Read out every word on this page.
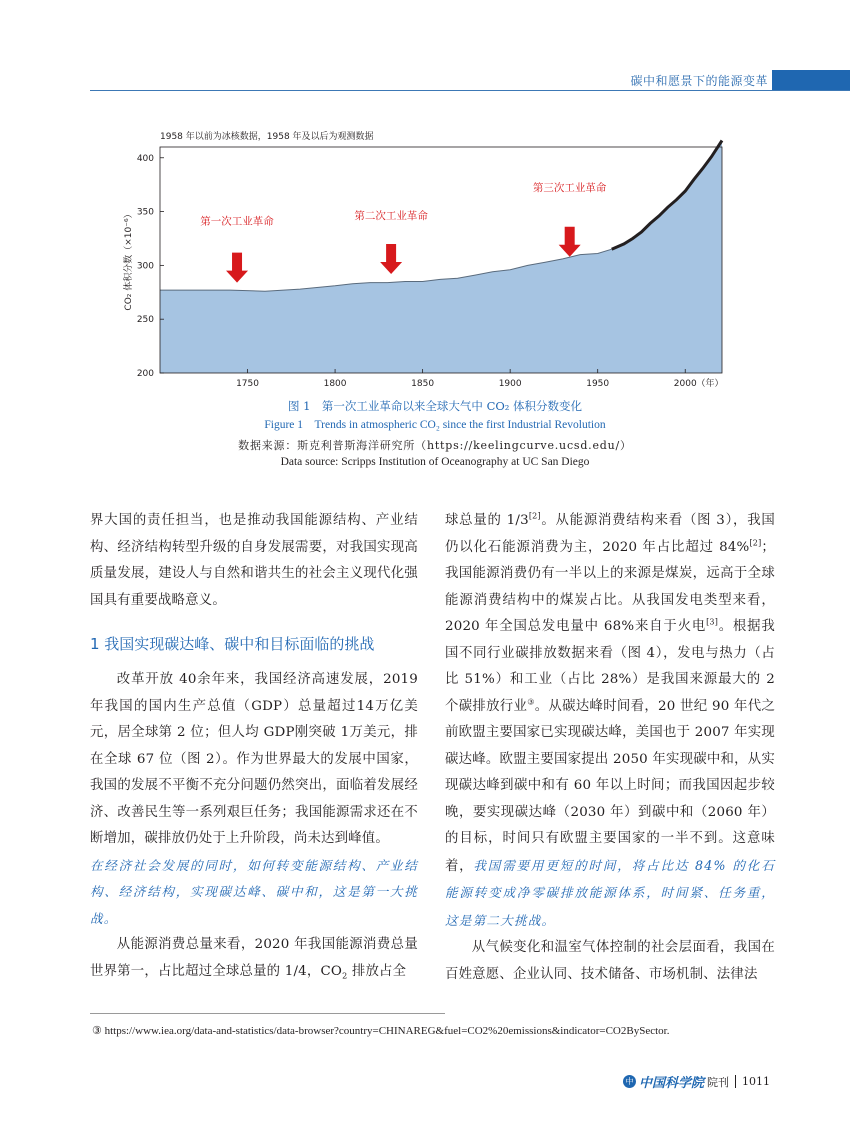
碳中和愿景下的能源变革
200
250
300
350
400
1750	1800	1850	1900	1950	2000 （年）
1958 年以前为冰核数据，1958 年及以后为观测数据
CO₂ 体积分数（×10⁻⁶）	第一次工业革命	第二次工业革命
第三次工业革命
图 1　第一次工业革命以来全球大气中 CO₂ 体积分数变化
Figure 1　Trends in atmospheric CO₂ since the first Industrial Revolution
数据来源：斯克利普斯海洋研究所（https://keelingcurve.ucsd.edu/）
Data source: Scripps Institution of Oceanography at UC San Diego

界大国的责任担当，也是推动我国能源结构、产业结构、经济结构转型升级的自身发展需要，对我国实现高质量发展，建设人与自然和谐共生的社会主义现代化强国具有重要战略意义。

1 我国实现碳达峰、碳中和目标面临的挑战

改革开放 40余年来，我国经济高速发展，2019 年我国的国内生产总值（GDP）总量超过14万亿美元，居全球第 2 位；但人均 GDP刚突破 1万美元，排在全球 67 位（图 2）。作为世界最大的发展中国家，我国的发展不平衡不充分问题仍然突出，面临着发展经济、改善民生等一系列艰巨任务；我国能源需求还在不断增加，碳排放仍处于上升阶段，尚未达到峰值。

在经济社会发展的同时，如何转变能源结构、产业结构、经济结构，实现碳达峰、碳中和，这是第一大挑战。

从能源消费总量来看，2020 年我国能源消费总量世界第一，占比超过全球总量的 1/4，$CO_2$ 排放占全

球总量的 1/3[2]。从能源消费结构来看（图 3），我国仍以化石能源消费为主，2020 年占比超过 84%[2]；我国能源消费仍有一半以上的来源是煤炭，远高于全球能源消费结构中的煤炭占比。从我国发电类型来看，2020 年全国总发电量中 68%来自于火电[3]。根据我国不同行业碳排放数据来看（图 4），发电与热力（占比 51%）和工业（占比 28%）是我国来源最大的 2 个碳排放行业③。从碳达峰时间看，20 世纪 90 年代之前欧盟主要国家已实现碳达峰，美国也于 2007 年实现碳达峰。欧盟主要国家提出 2050 年实现碳中和，从实现碳达峰到碳中和有 60 年以上时间；而我国因起步较晚，要实现碳达峰（2030 年）到碳中和（2060 年）的目标，时间只有欧盟主要国家的一半不到。这意味着，我国需要用更短的时间，将占比达 84% 的化石能源转变成净零碳排放能源体系，时间紧、任务重，这是第二大挑战。

从气候变化和温室气体控制的社会层面看，我国在百姓意愿、企业认同、技术储备、市场机制、法律法

③ https://www.iea.org/data-and-statistics/data-browser?country=CHINAREG&fuel=CO2%20emissions&indicator=CO2BySector.
中 中国科学院 院刊 1011
